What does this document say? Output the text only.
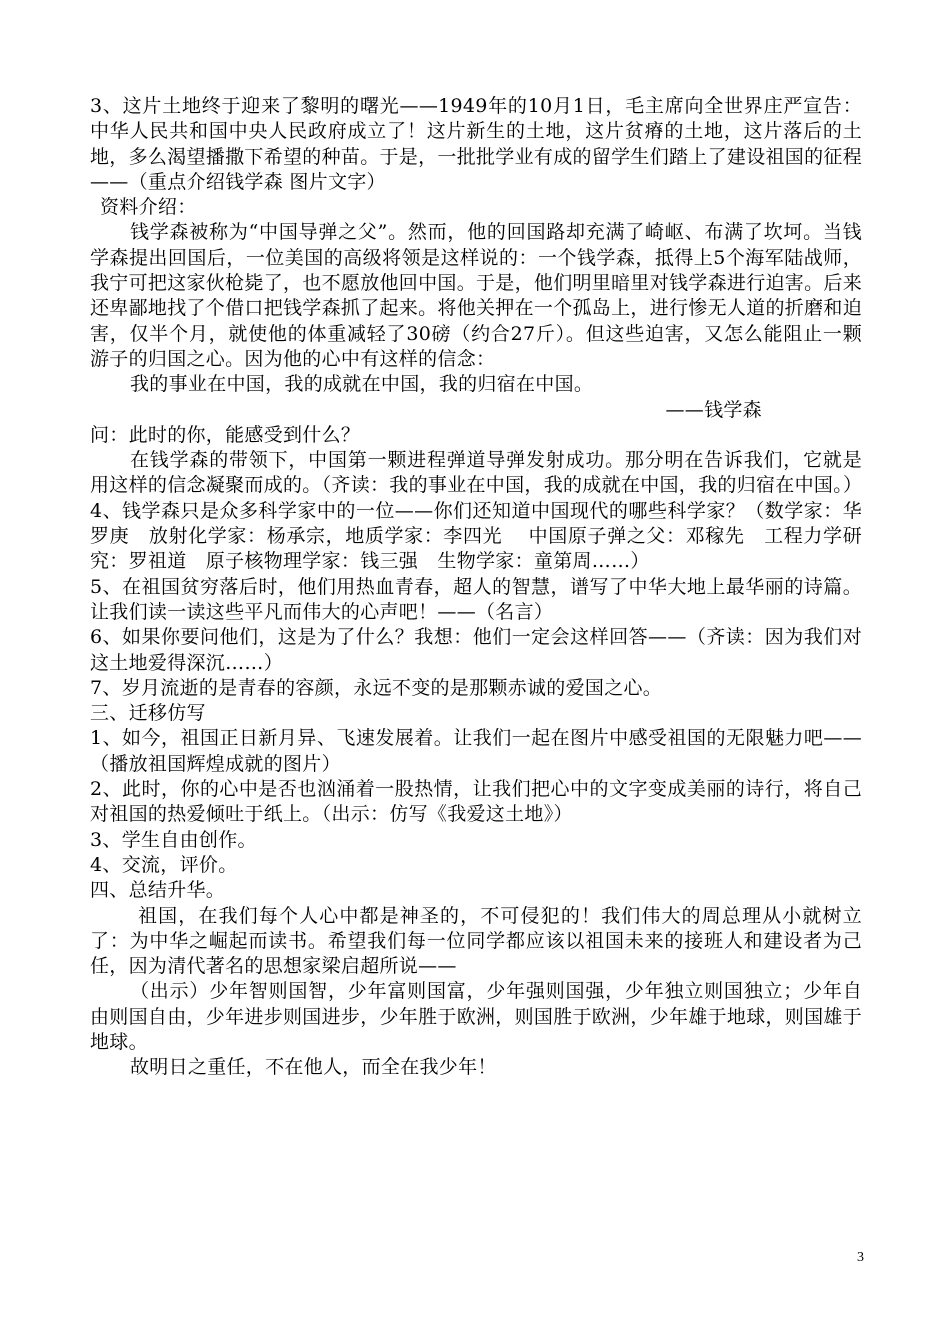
3、这片土地终于迎来了黎明的曙光——1949年的10月1日，毛主席向全世界庄严宣告：中华人民共和国中央人民政府成立了！这片新生的土地，这片贫瘠的土地，这片落后的土地，多么渴望播撒下希望的种苗。于是，一批批学业有成的留学生们踏上了建设祖国的征程——（重点介绍钱学森 图片文字）

资料介绍：

钱学森被称为“中国导弹之父”。然而，他的回国路却充满了崎岖、布满了坎坷。当钱学森提出回国后，一位美国的高级将领是这样说的：一个钱学森，抵得上5个海军陆战师，我宁可把这家伙枪毙了，也不愿放他回中国。于是，他们明里暗里对钱学森进行迫害。后来还卑鄙地找了个借口把钱学森抓了起来。将他关押在一个孤岛上，进行惨无人道的折磨和迫害，仅半个月，就使他的体重减轻了30磅（约合27斤）。但这些迫害，又怎么能阻止一颗游子的归国之心。因为他的心中有这样的信念：

我的事业在中国，我的成就在中国，我的归宿在中国。

——钱学森

问：此时的你，能感受到什么？

在钱学森的带领下，中国第一颗进程弹道导弹发射成功。那分明在告诉我们，它就是用这样的信念凝聚而成的。（齐读：我的事业在中国，我的成就在中国，我的归宿在中国。）

4、钱学森只是众多科学家中的一位——你们还知道中国现代的哪些科学家？（数学家：华罗庚　放射化学家：杨承宗，地质学家：李四光　 中国原子弹之父：邓稼先　工程力学研究：罗祖道　原子核物理学家：钱三强　生物学家：童第周……）

5、在祖国贫穷落后时，他们用热血青春，超人的智慧，谱写了中华大地上最华丽的诗篇。让我们读一读这些平凡而伟大的心声吧！——（名言）

6、如果你要问他们，这是为了什么？我想：他们一定会这样回答——（齐读：因为我们对这土地爱得深沉……）

7、岁月流逝的是青春的容颜，永远不变的是那颗赤诚的爱国之心。

三、迁移仿写

1、如今，祖国正日新月异、飞速发展着。让我们一起在图片中感受祖国的无限魅力吧——（播放祖国辉煌成就的图片）

2、此时，你的心中是否也汹涌着一股热情，让我们把心中的文字变成美丽的诗行，将自己对祖国的热爱倾吐于纸上。（出示：仿写《我爱这土地》）

3、学生自由创作。

4、交流，评价。

四、总结升华。

祖国，在我们每个人心中都是神圣的，不可侵犯的！我们伟大的周总理从小就树立了：为中华之崛起而读书。希望我们每一位同学都应该以祖国未来的接班人和建设者为己任，因为清代著名的思想家梁启超所说——

（出示）少年智则国智，少年富则国富，少年强则国强，少年独立则国独立；少年自由则国自由，少年进步则国进步，少年胜于欧洲，则国胜于欧洲，少年雄于地球，则国雄于地球。

故明日之重任，不在他人，而全在我少年！

3
